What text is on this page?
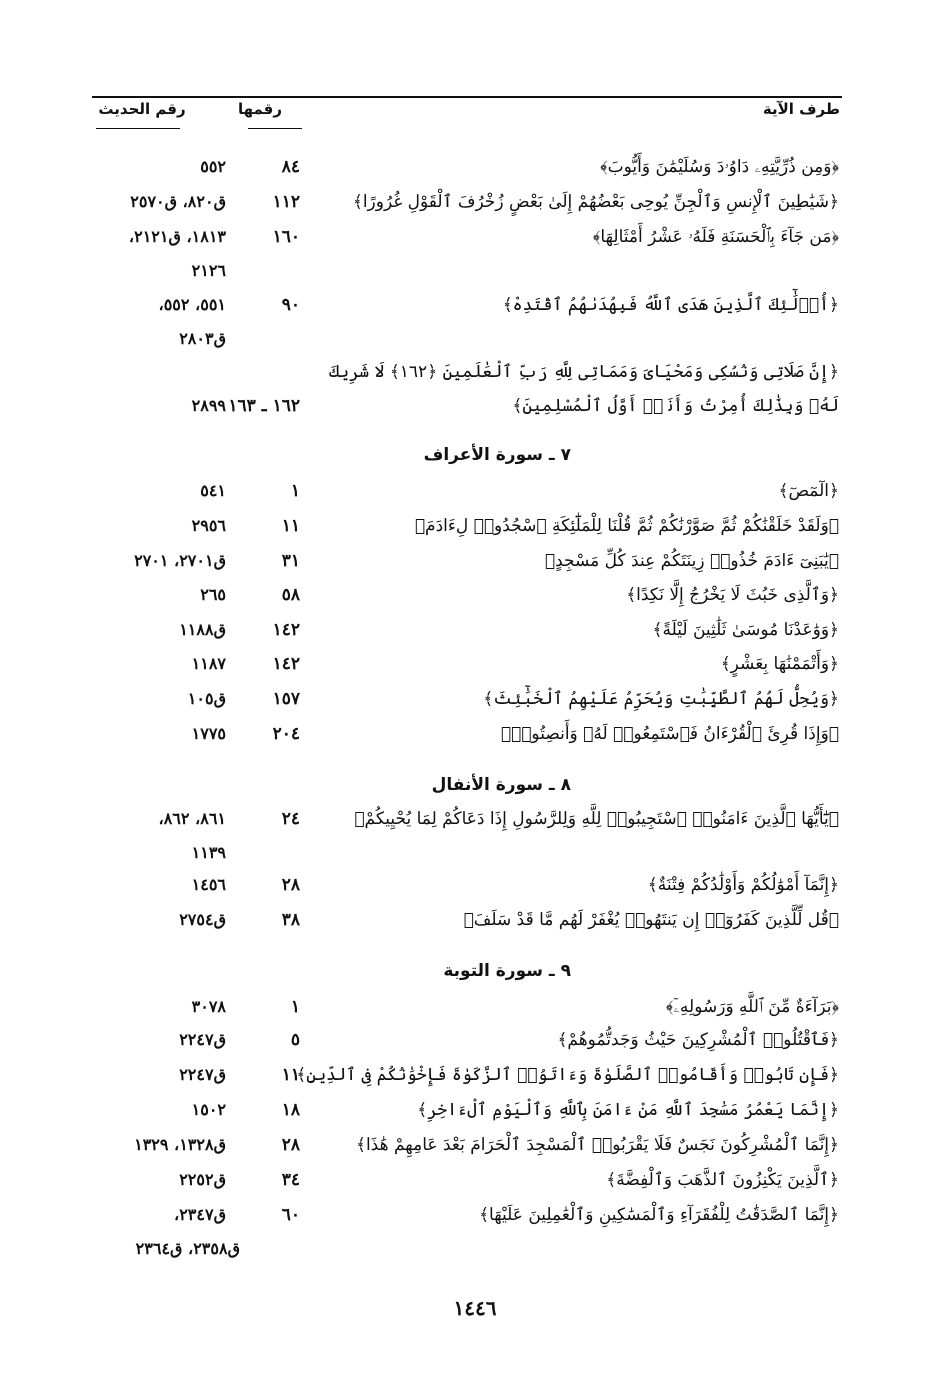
طرف الآية
رقمها
رقم الحديث
﴿وَمِن ذُرِّيَّتِهِۦ دَاوُۥدَ وَسُلَيْمَٰنَ وَأَيُّوبَ﴾
٨٤
٥٥٢
﴿شَيَٰطِينَ ٱلْإِنسِ وَٱلْجِنِّ يُوحِى بَعْضُهُمْ إِلَىٰ بَعْضٍ زُخْرُفَ ٱلْقَوْلِ غُرُورًا﴾
١١٢
ق٨٢٠، ق٢٥٧٠
﴿مَن جَآءَ بِٱلْحَسَنَةِ فَلَهُۥ عَشْرُ أَمْثَالِهَا﴾
١٦٠
١٨١٣، ق٢١٢١،
٢١٢٦
﴿أُو۟لَٰٓئِكَ ٱلَّذِينَ هَدَى ٱللَّهُ فَبِهُدَىٰهُمُ ٱقْتَدِهْ﴾
٩٠
٥٥١، ٥٥٢،
ق٢٨٠٣
﴿إِنَّ صَلَاتِى وَنُسُكِى وَمَحْيَاىَ وَمَمَاتِى لِلَّهِ رَبِّ ٱلْعَٰلَمِينَ ﴿١٦٢﴾ لَا شَرِيكَ لَهُۥ وَبِذَٰلِكَ أُمِرْتُ وَأَنَا۠ أَوَّلُ ٱلْمُسْلِمِينَ﴾
١٦٢ ـ ١٦٣
٢٨٩٩
٧ ـ سورة الأعراف
﴿الٓمٓصٓ﴾
١
٥٤١
﴿وَلَقَدْ خَلَقْنَٰكُمْ ثُمَّ صَوَّرْنَٰكُمْ ثُمَّ قُلْنَا لِلْمَلَٰٓئِكَةِ ٱسْجُدُوا۟ لِءَادَمَ﴾
١١
٢٩٥٦
﴿يَٰبَنِىٓ ءَادَمَ خُذُوا۟ زِينَتَكُمْ عِندَ كُلِّ مَسْجِدٍ﴾
٣١
ق٢٧٠١، ٢٧٠١
﴿وَٱلَّذِى خَبُثَ لَا يَخْرُجُ إِلَّا نَكِدًا﴾
٥٨
٢٦٥
﴿وَوَٰعَدْنَا مُوسَىٰ ثَلَٰثِينَ لَيْلَةً﴾
١٤٢
ق١١٨٨
﴿وَأَتْمَمْنَٰهَا بِعَشْرٍ﴾
١٤٢
١١٨٧
﴿وَيُحِلُّ لَهُمُ ٱلطَّيِّبَٰتِ وَيُحَرِّمُ عَلَيْهِمُ ٱلْخَبَٰٓئِثَ﴾
١٥٧
ق١٠٥
﴿وَإِذَا قُرِئَ ٱلْقُرْءَانُ فَٱسْتَمِعُوا۟ لَهُۥ وَأَنصِتُوا۟﴾
٢٠٤
١٧٧٥
٨ ـ سورة الأنفال
﴿يَٰٓأَيُّهَا ٱلَّذِينَ ءَامَنُوا۟ ٱسْتَجِيبُوا۟ لِلَّهِ وَلِلرَّسُولِ إِذَا دَعَاكُمْ لِمَا يُحْيِيكُمْ﴾
٢٤
٨٦١، ٨٦٢،
١١٣٩
﴿إِنَّمَآ أَمْوَٰلُكُمْ وَأَوْلَٰدُكُمْ فِتْنَةٌ﴾
٢٨
١٤٥٦
﴿قُل لِّلَّذِينَ كَفَرُوٓا۟ إِن يَنتَهُوا۟ يُغْفَرْ لَهُم مَّا قَدْ سَلَفَ﴾
٣٨
ق٢٧٥٤
٩ ـ سورة التوبة
﴿بَرَآءَةٌ مِّنَ ٱللَّهِ وَرَسُولِهِۦٓ﴾
١
٣٠٧٨
﴿فَٱقْتُلُوا۟ ٱلْمُشْرِكِينَ حَيْثُ وَجَدتُّمُوهُمْ﴾
٥
ق٢٢٤٧
﴿فَإِن تَابُوا۟ وَأَقَامُوا۟ ٱلصَّلَوٰةَ وَءَاتَوُا۟ ٱلزَّكَوٰةَ فَإِخْوَٰنُكُمْ فِى ٱلدِّينِ﴾
١١
ق٢٢٤٧
﴿إِنَّمَا يَعْمُرُ مَسَٰجِدَ ٱللَّهِ مَنْ ءَامَنَ بِٱللَّهِ وَٱلْيَوْمِ ٱلْءَاخِرِ﴾
١٨
١٥٠٢
﴿إِنَّمَا ٱلْمُشْرِكُونَ نَجَسٌ فَلَا يَقْرَبُوا۟ ٱلْمَسْجِدَ ٱلْحَرَامَ بَعْدَ عَامِهِمْ هَٰذَا﴾
٢٨
ق١٣٢٨، ١٣٢٩
﴿ٱلَّذِينَ يَكْنِزُونَ ٱلذَّهَبَ وَٱلْفِضَّةَ﴾
٣٤
ق٢٢٥٢
﴿إِنَّمَا ٱلصَّدَقَٰتُ لِلْفُقَرَآءِ وَٱلْمَسَٰكِينِ وَٱلْعَٰمِلِينَ عَلَيْهَا﴾
٦٠
ق٢٣٤٧،
ق٢٣٥٨، ق٢٣٦٤
١٤٤٦
